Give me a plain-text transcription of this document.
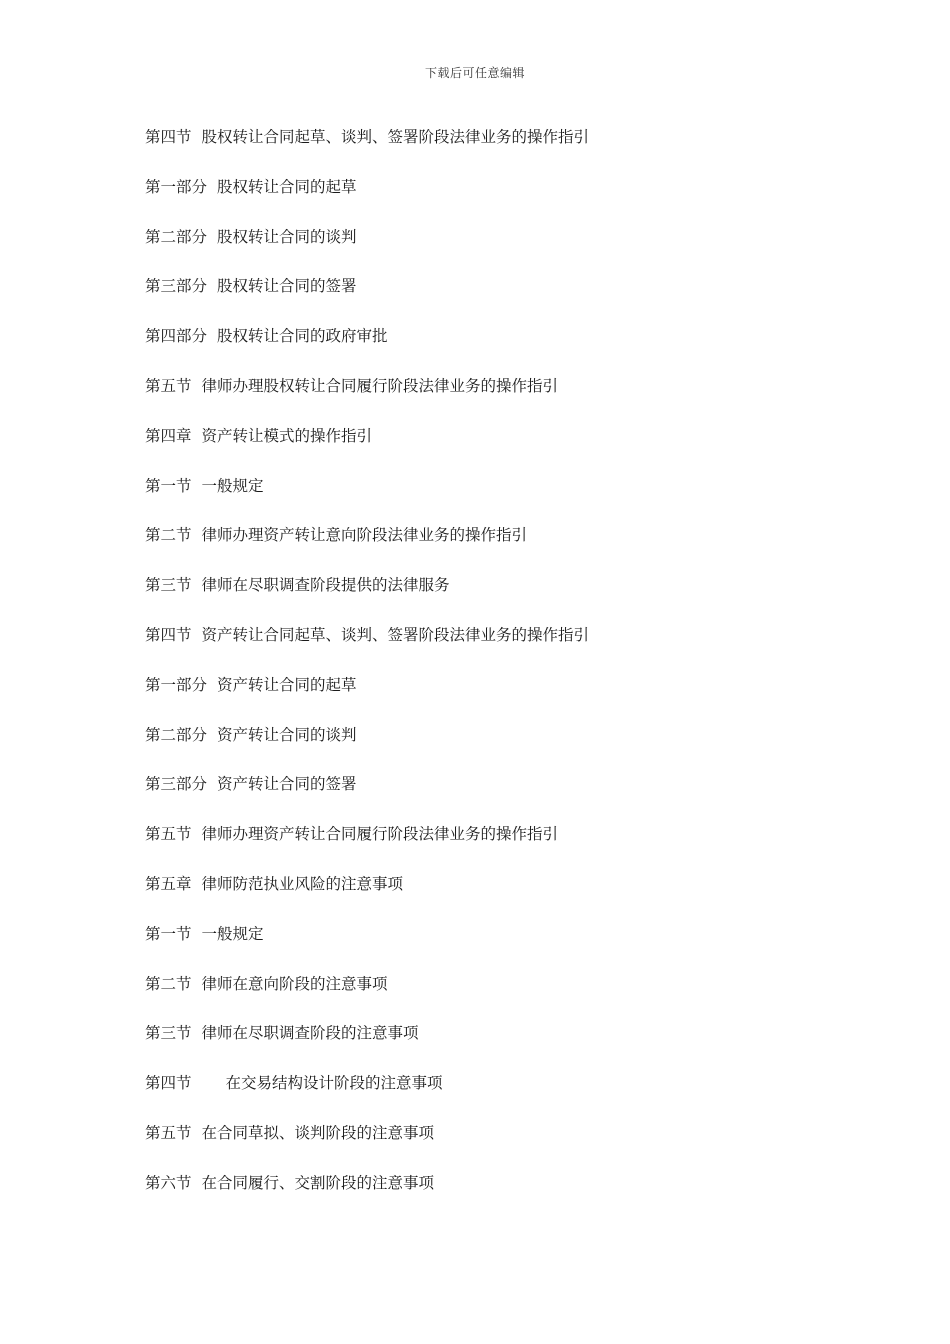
下载后可任意编辑
第四节 股权转让合同起草、谈判、签署阶段法律业务的操作指引
第一部分 股权转让合同的起草
第二部分 股权转让合同的谈判
第三部分 股权转让合同的签署
第四部分 股权转让合同的政府审批
第五节 律师办理股权转让合同履行阶段法律业务的操作指引
第四章 资产转让模式的操作指引
第一节 一般规定
第二节 律师办理资产转让意向阶段法律业务的操作指引
第三节 律师在尽职调查阶段提供的法律服务
第四节 资产转让合同起草、谈判、签署阶段法律业务的操作指引
第一部分 资产转让合同的起草
第二部分 资产转让合同的谈判
第三部分 资产转让合同的签署
第五节 律师办理资产转让合同履行阶段法律业务的操作指引
第五章 律师防范执业风险的注意事项
第一节 一般规定
第二节 律师在意向阶段的注意事项
第三节 律师在尽职调查阶段的注意事项
第四节 在交易结构设计阶段的注意事项
第五节 在合同草拟、谈判阶段的注意事项
第六节 在合同履行、交割阶段的注意事项
